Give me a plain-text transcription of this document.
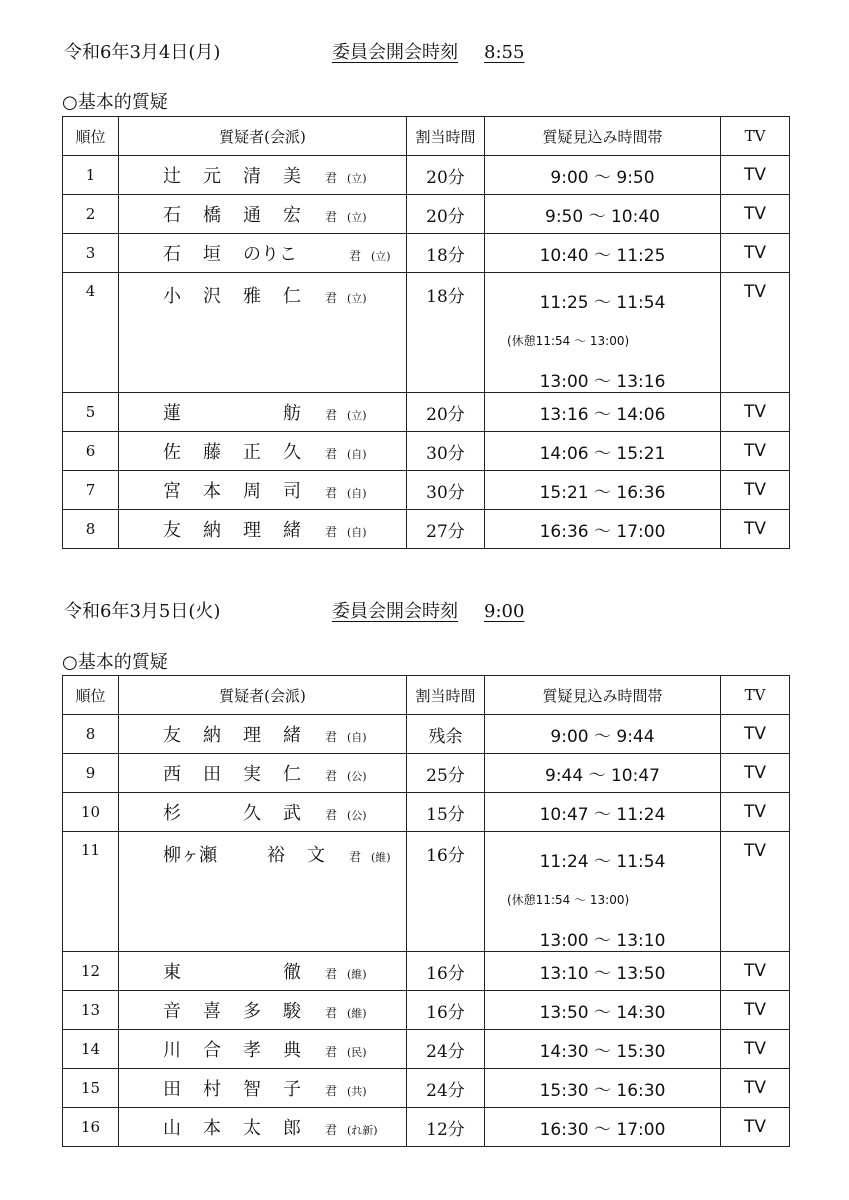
令和6年3月4日(月)	委員会開会時刻 8:55
○基本的質疑
順位	質疑者(会派)	割当時間	質疑見込み時間帯	TV
1	辻 元 清 美 君 (立)	20分	9:00 ～ 9:50	TV
2	石 橋 通 宏 君 (立)	20分	9:50 ～ 10:40	TV
3	石 垣 のりこ 君 (立)	18分	10:40 ～ 11:25	TV
4	小 沢 雅 仁 君 (立)	18分	11:25 ～ 11:54
(休憩11:54 ～ 13:00)
13:00 ～ 13:16	TV
5	蓮 舫 君 (立)	20分	13:16 ～ 14:06	TV
6	佐 藤 正 久 君 (自)	30分	14:06 ～ 15:21	TV
7	宮 本 周 司 君 (自)	30分	15:21 ～ 16:36	TV
8	友 納 理 緒 君 (自)	27分	16:36 ～ 17:00	TV
令和6年3月5日(火)	委員会開会時刻 9:00
○基本的質疑
順位	質疑者(会派)	割当時間	質疑見込み時間帯	TV
8	友 納 理 緒 君 (自)	残余	9:00 ～ 9:44	TV
9	西 田 実 仁 君 (公)	25分	9:44 ～ 10:47	TV
10	杉 久 武 君 (公)	15分	10:47 ～ 11:24	TV
11	柳ヶ瀬 裕 文 君 (維)	16分	11:24 ～ 11:54
(休憩11:54 ～ 13:00)
13:00 ～ 13:10	TV
12	東 徹 君 (維)	16分	13:10 ～ 13:50	TV
13	音 喜 多 駿 君 (維)	16分	13:50 ～ 14:30	TV
14	川 合 孝 典 君 (民)	24分	14:30 ～ 15:30	TV
15	田 村 智 子 君 (共)	24分	15:30 ～ 16:30	TV
16	山 本 太 郎 君 (れ新)	12分	16:30 ～ 17:00	TV
